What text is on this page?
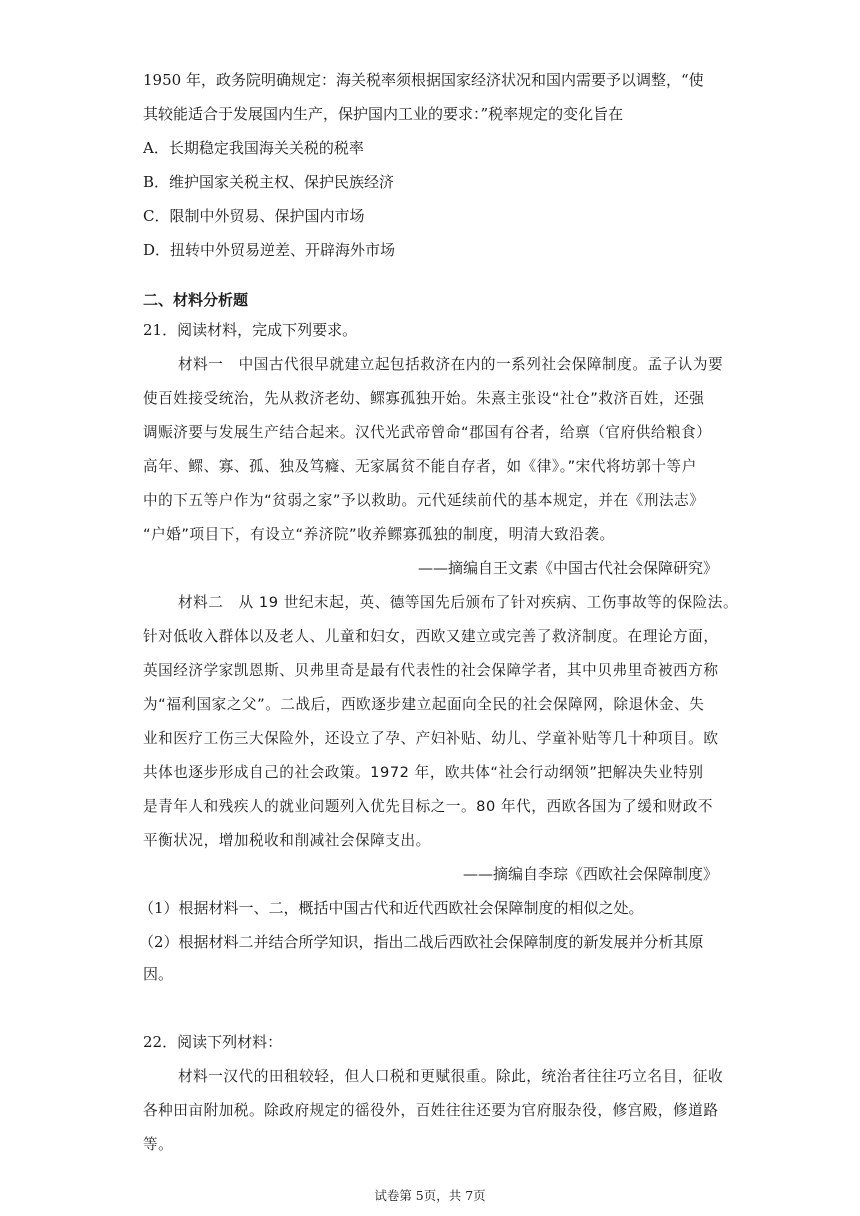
1950 年，政务院明确规定：海关税率须根据国家经济状况和国内需要予以调整，“使

其较能适合于发展国内生产，保护国内工业的要求：”税率规定的变化旨在

A．长期稳定我国海关关税的税率

B．维护国家关税主权、保护民族经济

C．限制中外贸易、保护国内市场

D．扭转中外贸易逆差、开辟海外市场

二、材料分析题

21．阅读材料，完成下列要求。

材料一　中国古代很早就建立起包括救济在内的一系列社会保障制度。孟子认为要

使百姓接受统治，先从救济老幼、鳏寡孤独开始。朱熹主张设“社仓”救济百姓，还强

调赈济要与发展生产结合起来。汉代光武帝曾命“郡国有谷者，给禀（官府供给粮食）

高年、鳏、寡、孤、独及笃癃、无家属贫不能自存者，如《律》。”宋代将坊郭十等户

中的下五等户作为“贫弱之家”予以救助。元代延续前代的基本规定，并在《刑法志》

“户婚”项目下，有设立“养济院”收养鳏寡孤独的制度，明清大致沿袭。

——摘编自王文素《中国古代社会保障研究》

材料二　从 19 世纪末起，英、德等国先后颁布了针对疾病、工伤事故等的保险法。

针对低收入群体以及老人、儿童和妇女，西欧又建立或完善了救济制度。在理论方面，

英国经济学家凯恩斯、贝弗里奇是最有代表性的社会保障学者，其中贝弗里奇被西方称

为“福利国家之父”。二战后，西欧逐步建立起面向全民的社会保障网，除退休金、失

业和医疗工伤三大保险外，还设立了孕、产妇补贴、幼儿、学童补贴等几十种项目。欧

共体也逐步形成自己的社会政策。1972 年，欧共体“社会行动纲领”把解决失业特别

是青年人和残疾人的就业问题列入优先目标之一。80 年代，西欧各国为了缓和财政不

平衡状况，增加税收和削减社会保障支出。

——摘编自李琮《西欧社会保障制度》

（1）根据材料一、二，概括中国古代和近代西欧社会保障制度的相似之处。

（2）根据材料二并结合所学知识，指出二战后西欧社会保障制度的新发展并分析其原

因。

22．阅读下列材料：

材料一汉代的田租较轻，但人口税和更赋很重。除此，统治者往往巧立名目，征收

各种田亩附加税。除政府规定的徭役外，百姓往往还要为官府服杂役，修宫殿，修道路

等。

试卷第 5页，共 7页
